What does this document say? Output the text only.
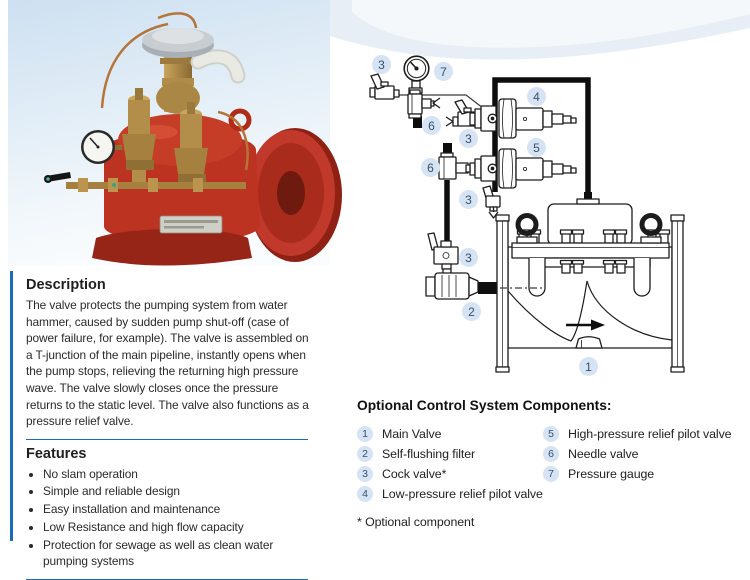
3	7
6
4
3
5
6
3
3
2
1
Description

The valve protects the pumping system from water hammer, caused by sudden pump shut-off (case of power failure, for example). The valve is assembled on a T-junction of the main pipeline, instantly opens when the pump stops, relieving the returning high pressure wave. The valve slowly closes once the pressure returns to the static level. The valve also functions as a pressure relief valve.

Features
• No slam operation
• Simple and reliable design
• Easy installation and maintenance
• Low Resistance and high flow capacity
• Protection for sewage as well as clean water pumping systems
Optional Control System Components:
1	Main Valve
2	Self-flushing filter
3	Cock valve*
4	Low-pressure relief pilot valve
5	High-pressure relief pilot valve
6	Needle valve
7	Pressure gauge
* Optional component
